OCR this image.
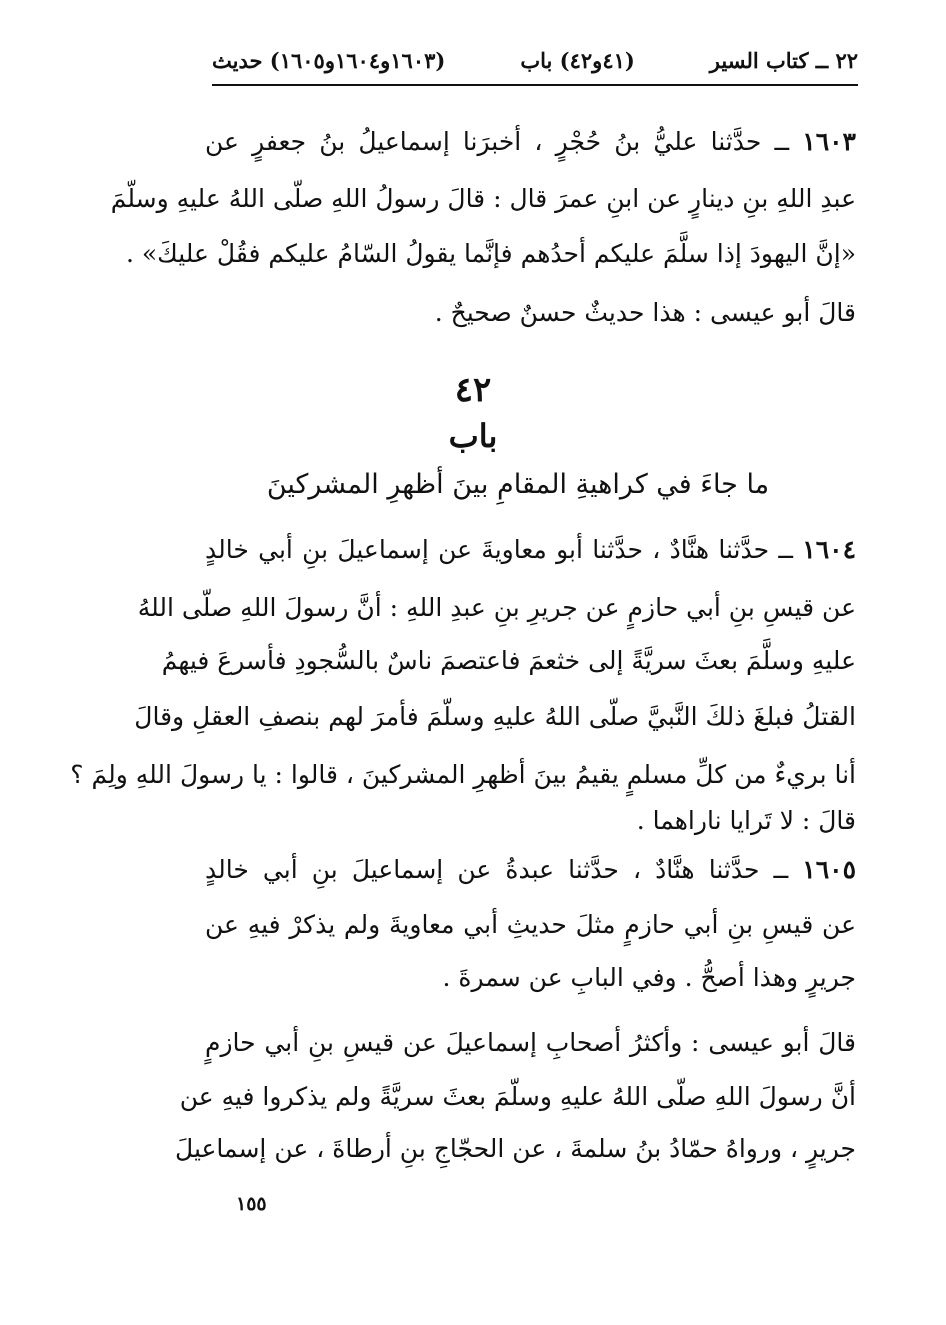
٢٢ ــ كتاب السير
(٤١و٤٢) باب
(١٦٠٣و١٦٠٤و١٦٠٥) حديث
١٦٠٣ ــ حدَّثنا عليُّ بنُ حُجْرٍ ، أخبرَنا إسماعيلُ بنُ جعفرٍ عن
عبدِ اللهِ بنِ دينارٍ عن ابنِ عمرَ قال : قالَ رسولُ اللهِ صلّى اللهُ عليهِ وسلّمَ
«إنَّ اليهودَ إذا سلَّمَ عليكم أحدُهم فإنَّما يقولُ السّامُ عليكم فقُلْ عليكَ» .
قالَ أبو عيسى : هذا حديثٌ حسنٌ صحيحٌ .
٤٢
باب
ما جاءَ في كراهيةِ المقامِ بينَ أظهرِ المشركينَ
١٦٠٤ ــ حدَّثنا هنَّادٌ ، حدَّثنا أبو معاويةَ عن إسماعيلَ بنِ أبي خالدٍ
عن قيسِ بنِ أبي حازمٍ عن جريرِ بنِ عبدِ اللهِ : أنَّ رسولَ اللهِ صلّى اللهُ
عليهِ وسلَّمَ بعثَ سريَّةً إلى خثعمَ فاعتصمَ ناسٌ بالسُّجودِ فأسرعَ فيهمُ
القتلُ فبلغَ ذلكَ النَّبيَّ صلّى اللهُ عليهِ وسلّمَ فأمرَ لهم بنصفِ العقلِ وقالَ
أنا بريءٌ من كلِّ مسلمٍ يقيمُ بينَ أظهرِ المشركينَ ، قالوا : يا رسولَ اللهِ ولِمَ ؟
قالَ : لا تَرايا ناراهما .
١٦٠٥ ــ حدَّثنا هنَّادٌ ، حدَّثنا عبدةُ عن إسماعيلَ بنِ أبي خالدٍ
عن قيسِ بنِ أبي حازمٍ مثلَ حديثِ أبي معاويةَ ولم يذكرْ فيهِ عن
جريرٍ وهذا أصحُّ . وفي البابِ عن سمرةَ .
قالَ أبو عيسى : وأكثرُ أصحابِ إسماعيلَ عن قيسِ بنِ أبي حازمٍ
أنَّ رسولَ اللهِ صلّى اللهُ عليهِ وسلّمَ بعثَ سريَّةً ولم يذكروا فيهِ عن
جريرٍ ، ورواهُ حمّادُ بنُ سلمةَ ، عن الحجّاجِ بنِ أرطاةَ ، عن إسماعيلَ
١٥٥
